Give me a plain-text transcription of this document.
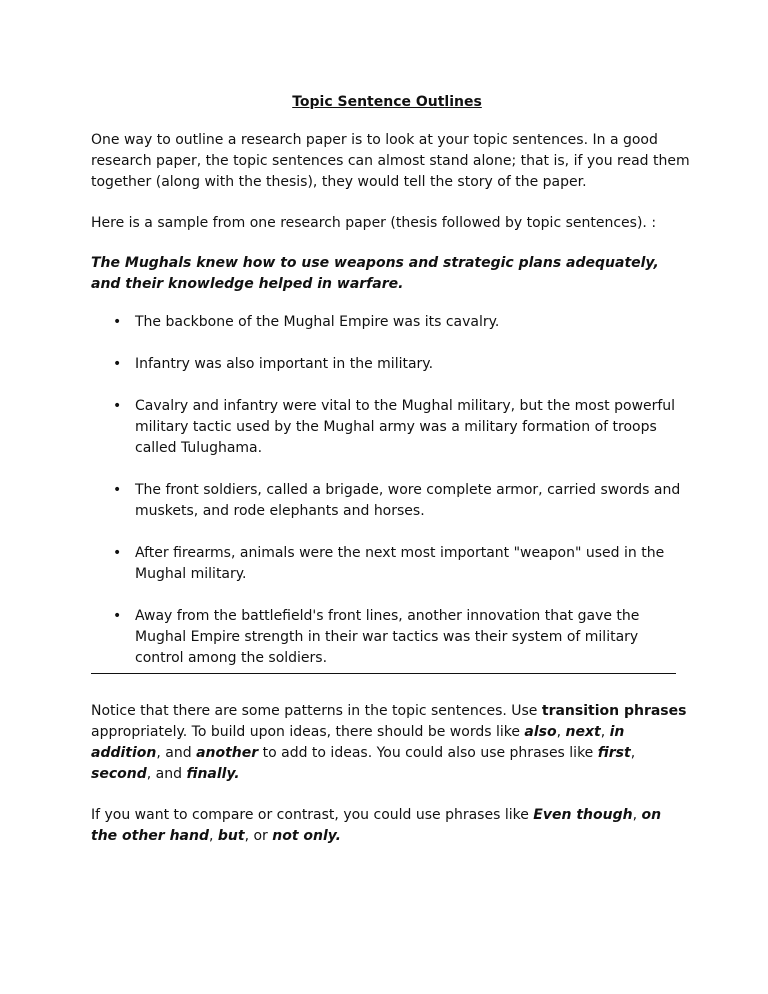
Topic Sentence Outlines

One way to outline a research paper is to look at your topic sentences. In a good research paper, the topic sentences can almost stand alone; that is, if you read them together (along with the thesis), they would tell the story of the paper.

Here is a sample from one research paper (thesis followed by topic sentences). :

The Mughals knew how to use weapons and strategic plans adequately, and their knowledge helped in warfare.

• The backbone of the Mughal Empire was its cavalry.
• Infantry was also important in the military.
• Cavalry and infantry were vital to the Mughal military, but the most powerful military tactic used by the Mughal army was a military formation of troops called Tulughama.
• The front soldiers, called a brigade, wore complete armor, carried swords and muskets, and rode elephants and horses.
• After firearms, animals were the next most important "weapon" used in the Mughal military.
• Away from the battlefield's front lines, another innovation that gave the Mughal Empire strength in their war tactics was their system of military control among the soldiers.

Notice that there are some patterns in the topic sentences. Use transition phrases appropriately. To build upon ideas, there should be words like also, next, in addition, and another to add to ideas. You could also use phrases like first, second, and finally.

If you want to compare or contrast, you could use phrases like Even though, on the other hand, but, or not only.
